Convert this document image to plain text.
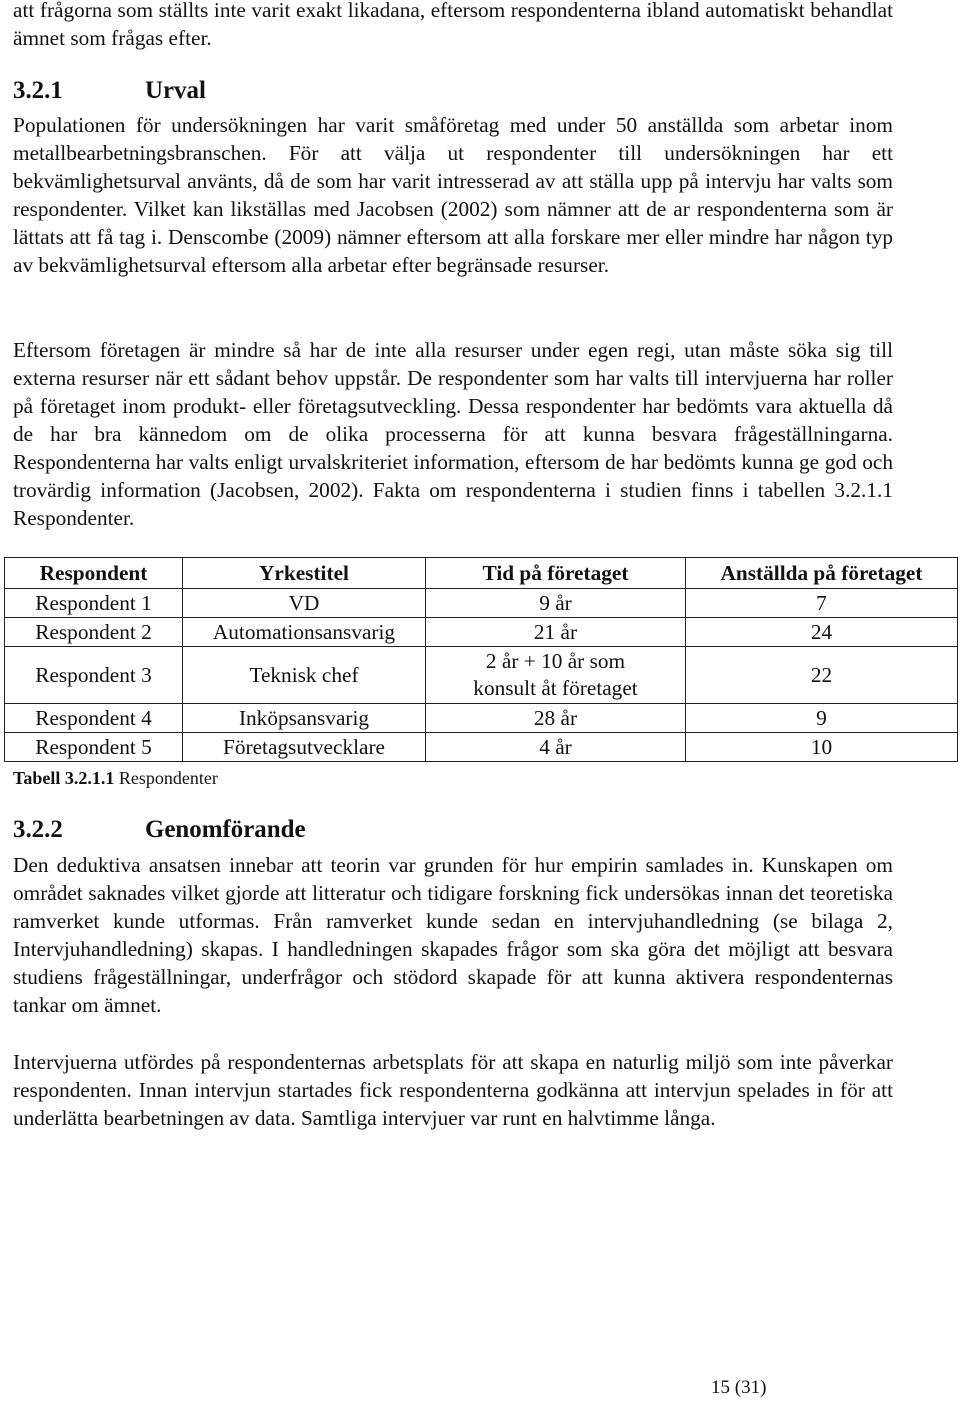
att frågorna som ställts inte varit exakt likadana, eftersom respondenterna ibland automatiskt behandlat ämnet som frågas efter.

3.2.1	Urval

Populationen för undersökningen har varit småföretag med under 50 anställda som arbetar inom metallbearbetningsbranschen. För att välja ut respondenter till undersökningen har ett bekvämlighetsurval använts, då de som har varit intresserad av att ställa upp på intervju har valts som respondenter. Vilket kan likställas med Jacobsen (2002) som nämner att de ar respondenterna som är lättats att få tag i. Denscombe (2009) nämner eftersom att alla forskare mer eller mindre har någon typ av bekvämlighetsurval eftersom alla arbetar efter begränsade resurser.

Eftersom företagen är mindre så har de inte alla resurser under egen regi, utan måste söka sig till externa resurser när ett sådant behov uppstår. De respondenter som har valts till intervjuerna har roller på företaget inom produkt- eller företagsutveckling. Dessa respondenter har bedömts vara aktuella då de har bra kännedom om de olika processerna för att kunna besvara frågeställningarna. Respondenterna har valts enligt urvalskriteriet information, eftersom de har bedömts kunna ge god och trovärdig information (Jacobsen, 2002). Fakta om respondenterna i studien finns i tabellen 3.2.1.1 Respondenter.

3.2.2	Genomförande

Den deduktiva ansatsen innebar att teorin var grunden för hur empirin samlades in. Kunskapen om området saknades vilket gjorde att litteratur och tidigare forskning fick undersökas innan det teoretiska ramverket kunde utformas. Från ramverket kunde sedan en intervjuhandledning (se bilaga 2, Intervjuhandledning) skapas. I handledningen skapades frågor som ska göra det möjligt att besvara studiens frågeställningar, underfrågor och stödord skapade för att kunna aktivera respondenternas tankar om ämnet.

Intervjuerna utfördes på respondenternas arbetsplats för att skapa en naturlig miljö som inte påverkar respondenten. Innan intervjun startades fick respondenterna godkänna att intervjun spelades in för att underlätta bearbetningen av data. Samtliga intervjuer var runt en halvtimme långa.

Tabell 3.2.1.1 Respondenter
15 (31)
Respondent	Yrkestitel	Tid på företaget	Anställda på företaget
Respondent 1	VD	9 år	7
Respondent 2	Automationsansvarig	21 år	24
Respondent 3	Teknisk chef	2 år + 10 år som konsult åt företaget	22
Respondent 4	Inköpsansvarig	28 år	9
Respondent 5	Företagsutvecklare	4 år	10
